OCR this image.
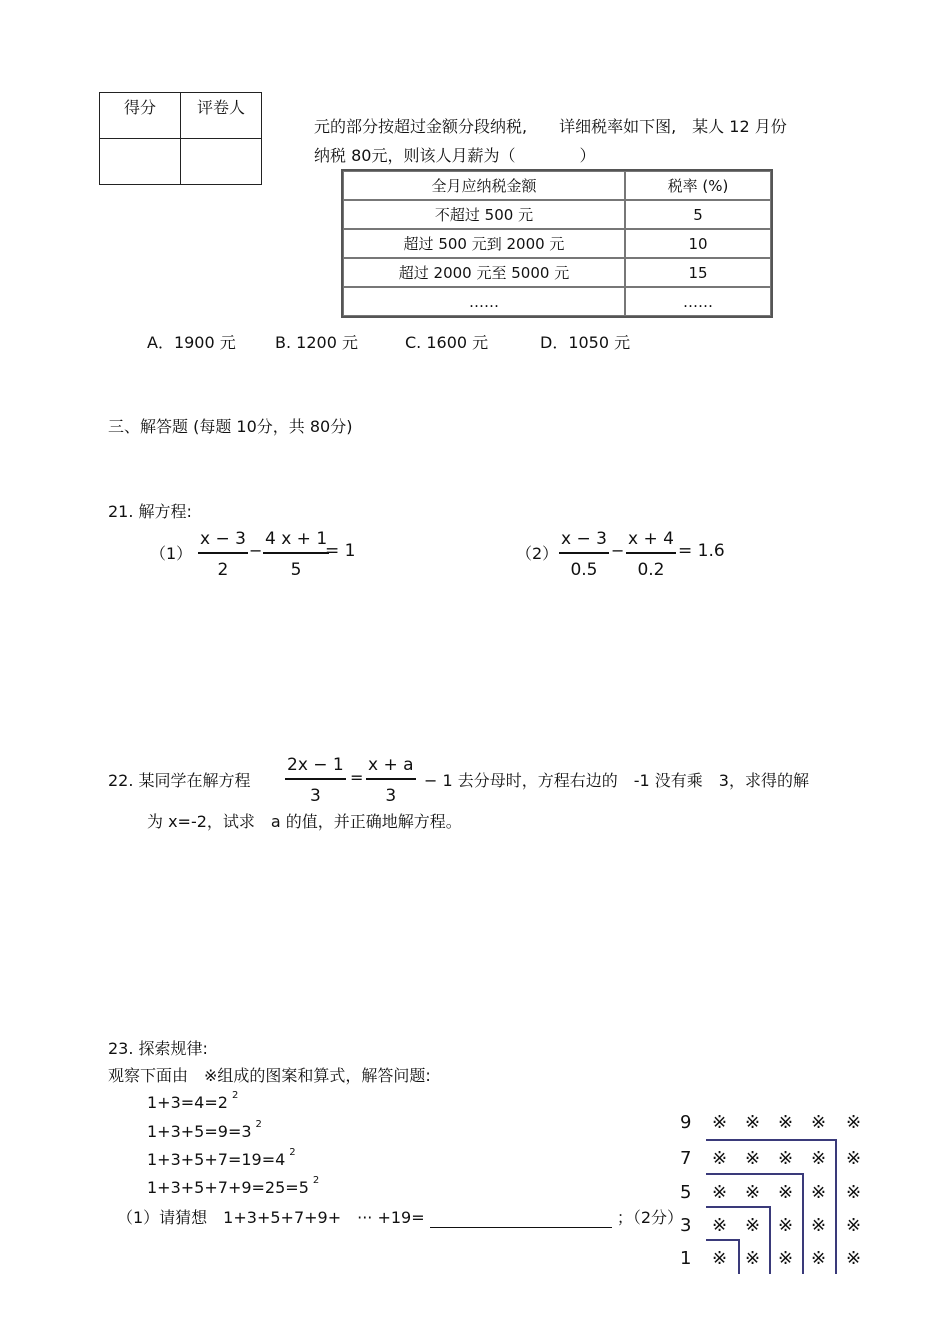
得分	评卷人

元的部分按超过金额分段纳税,　　详细税率如下图,　某人 12 月份
纳税 80元，则该人月薪为（　　　　）
全月应纳税金额	税率 (%)
不超过 500 元	5
超过 500 元到 2000 元	10
超过 2000 元至 5000 元	15
……	……
A．1900 元 B. 1200 元	C. 1600 元	D．1050 元
三、解答题 (每题 10分，共 80分)
21. 解方程:
（1）
x − 3
2
−
4 x + 1
5
= 1	（2）
x − 3
0.5
−
x + 4
0.2
= 1.6
22. 某同学在解方程
2x − 1
3
=
x + a
3
− 1 去分母时，方程右边的　-1 没有乘　3，求得的解
为 x=-2，试求　a 的值，并正确地解方程。
23. 探索规律:
观察下面由　※组成的图案和算式，解答问题:
1+3=4=2 $^2$
1+3+5=9=3 $^2$
1+3+5+7=19=4 $^2$
1+3+5+7+9=25=5 $^2$
（1）请猜想　1+3+5+7+9+　··· +19=	；（2分）
9 ※ ※ ※ ※ ※
7 ※ ※ ※ ※ ※
5 ※ ※ ※ ※ ※
3 ※ ※ ※ ※ ※
1 ※ ※ ※ ※ ※
